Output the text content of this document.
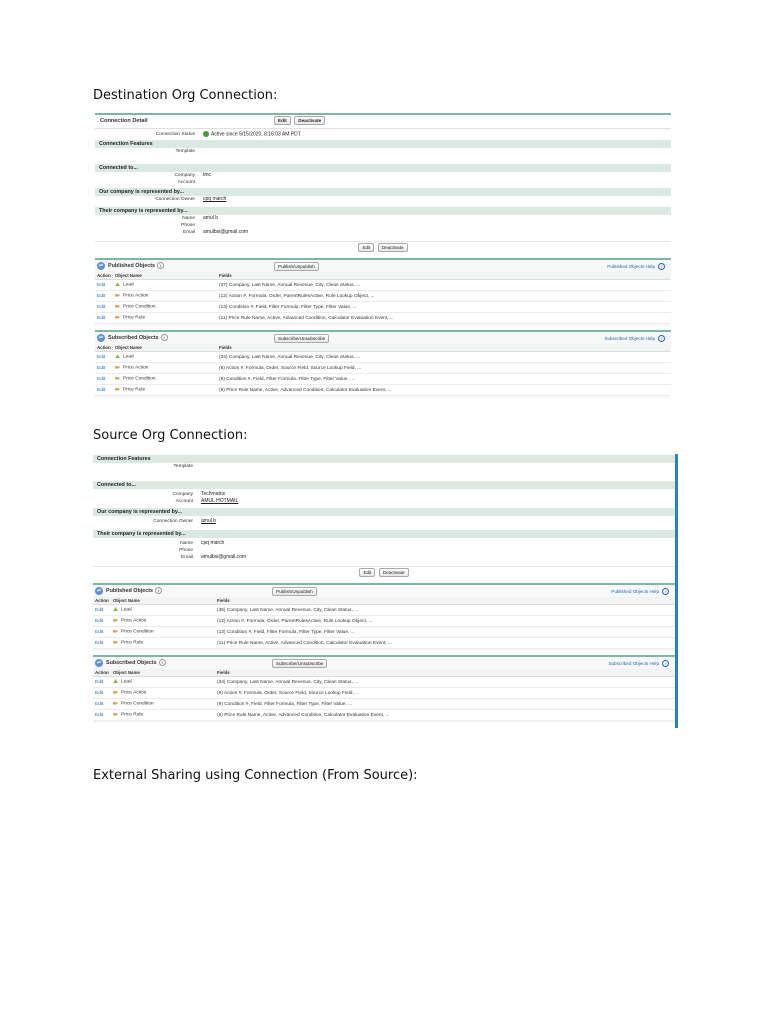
Destination Org Connection:
Connection Detail	Edit	Deactivate
Connection Status	Active since 5/15/2020, 8:16:03 AM PDT
Connection Features
Template
Connected to...
Company tmc
Account
Our company is represented by...
Connection Owner cpq march
Their company is represented by...
Name amul b
Phone
Email amulbsi@gmail.com
Edit Deactivate
⇄ Published Objects i	Publish/Unpublish	Published Objects Help ?
Action	Object Name	Fields
Edit	Lead	(37) Company, Last Name, Annual Revenue, City, Clean Status, ...
Edit	Price Action	(12) Action #, Formula, Order, ParentRulesActive, Rule Lookup Object, ...
Edit	Price Condition	(13) Condition #, Field, Filter Formula, Filter Type, Filter Value, ...
Edit	Price Rule	(11) Price Rule Name, Active, Advanced Condition, Calculator Evaluation Event, ...
⇄ Subscribed Objects i	Subscribe/Unsubscribe	Subscribed Objects Help ?
Action	Object Name	Fields
Edit	Lead	(34) Company, Last Name, Annual Revenue, City, Clean Status, ...
Edit	Price Action	(8) Action #, Formula, Order, Source Field, Source Lookup Field, ...
Edit	Price Condition	(9) Condition #, Field, Filter Formula, Filter Type, Filter Value, ...
Edit	Price Rule	(9) Price Rule Name, Active, Advanced Condition, Calculator Evaluation Event, ...
Source Org Connection:
Connection Features
Template
Connected to...
Company Techmatrix
Account AMUL HOTMAIL
Our company is represented by...
Connection Owner amul b
Their company is represented by...
Name cpq march
Phone
Email amulbsi@gmail.com
Edit Deactivate
⇄ Published Objects i	Publish/Unpublish	Published Objects Help ?
Action	Object Name	Fields
Edit	Lead	(35) Company, Last Name, Annual Revenue, City, Clean Status, ...
Edit	Price Action	(12) Action #, Formula, Order, ParentRulesActive, Rule Lookup Object, ...
Edit	Price Condition	(13) Condition #, Field, Filter Formula, Filter Type, Filter Value, ...
Edit	Price Rule	(11) Price Rule Name, Active, Advanced Condition, Calculator Evaluation Event, ...
⇄ Subscribed Objects i	Subscribe/Unsubscribe	Subscribed Objects Help ?
Action	Object Name	Fields
Edit	Lead	(34) Company, Last Name, Annual Revenue, City, Clean Status, ...
Edit	Price Action	(9) Action #, Formula, Order, Source Field, Source Lookup Field, ...
Edit	Price Condition	(9) Condition #, Field, Filter Formula, Filter Type, Filter Value, ...
Edit	Price Rule	(5) Price Rule Name, Active, Advanced Condition, Calculator Evaluation Event, ...
External Sharing using Connection (From Source):
